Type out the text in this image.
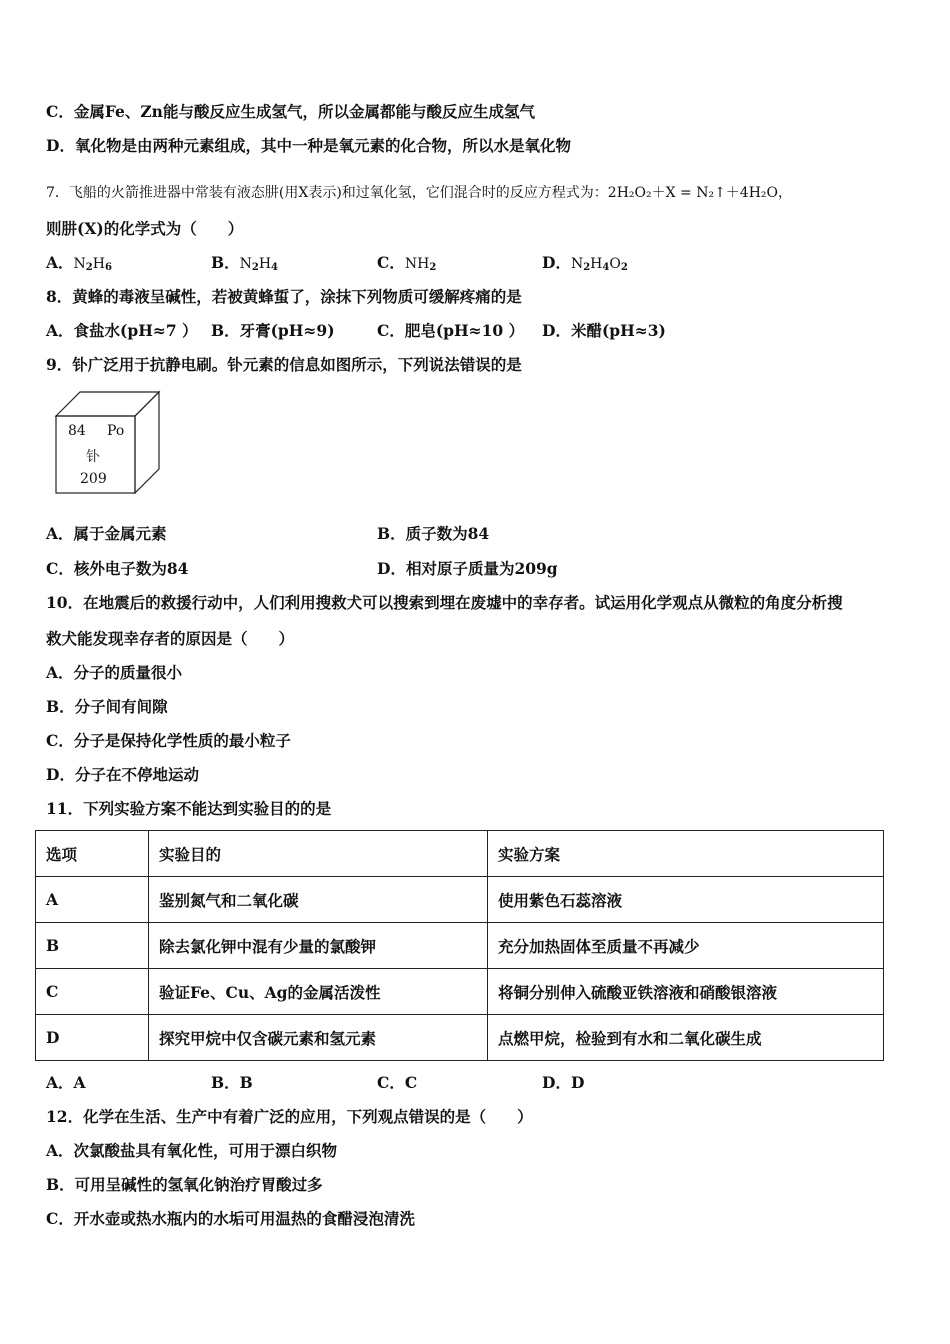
C．金属Fe、Zn能与酸反应生成氢气，所以金属都能与酸反应生成氢气
D．氧化物是由两种元素组成，其中一种是氧元素的化合物，所以水是氧化物
7．飞船的火箭推进器中常装有液态肼(用X表示)和过氧化氢，它们混合时的反应方程式为：2H₂O₂＋X = N₂↑＋4H₂O，
则肼(X)的化学式为（　　）
A．$N_2H_6$	B．$N_2H_4$	C．$NH_2$	D．$N_2H_4O_2$
8．黄蜂的毒液呈碱性，若被黄蜂蜇了，涂抹下列物质可缓解疼痛的是
A．食盐水(pH≈7 ） B．牙膏(pH≈9)	C．肥皂(pH≈10 ） D．米醋(pH≈3)
9．钋广泛用于抗静电刷。钋元素的信息如图所示，下列说法错误的是
84 Po
钋
209
A．属于金属元素	B．质子数为84
C．核外电子数为84	D．相对原子质量为209g
10．在地震后的救援行动中，人们利用搜救犬可以搜索到埋在废墟中的幸存者。试运用化学观点从微粒的角度分析搜
救犬能发现幸存者的原因是（　　）
A．分子的质量很小
B．分子间有间隙
C．分子是保持化学性质的最小粒子
D．分子在不停地运动
11．下列实验方案不能达到实验目的的是
选项	实验目的	实验方案
A	鉴别氮气和二氧化碳	使用紫色石蕊溶液
B	除去氯化钾中混有少量的氯酸钾	充分加热固体至质量不再减少
C	验证Fe、Cu、Ag的金属活泼性	将铜分别伸入硫酸亚铁溶液和硝酸银溶液
D	探究甲烷中仅含碳元素和氢元素	点燃甲烷，检验到有水和二氧化碳生成
A．A	B．B	C．C	D．D
12．化学在生活、生产中有着广泛的应用，下列观点错误的是（　　）
A．次氯酸盐具有氧化性，可用于漂白织物
B．可用呈碱性的氢氧化钠治疗胃酸过多
C．开水壶或热水瓶内的水垢可用温热的食醋浸泡清洗
